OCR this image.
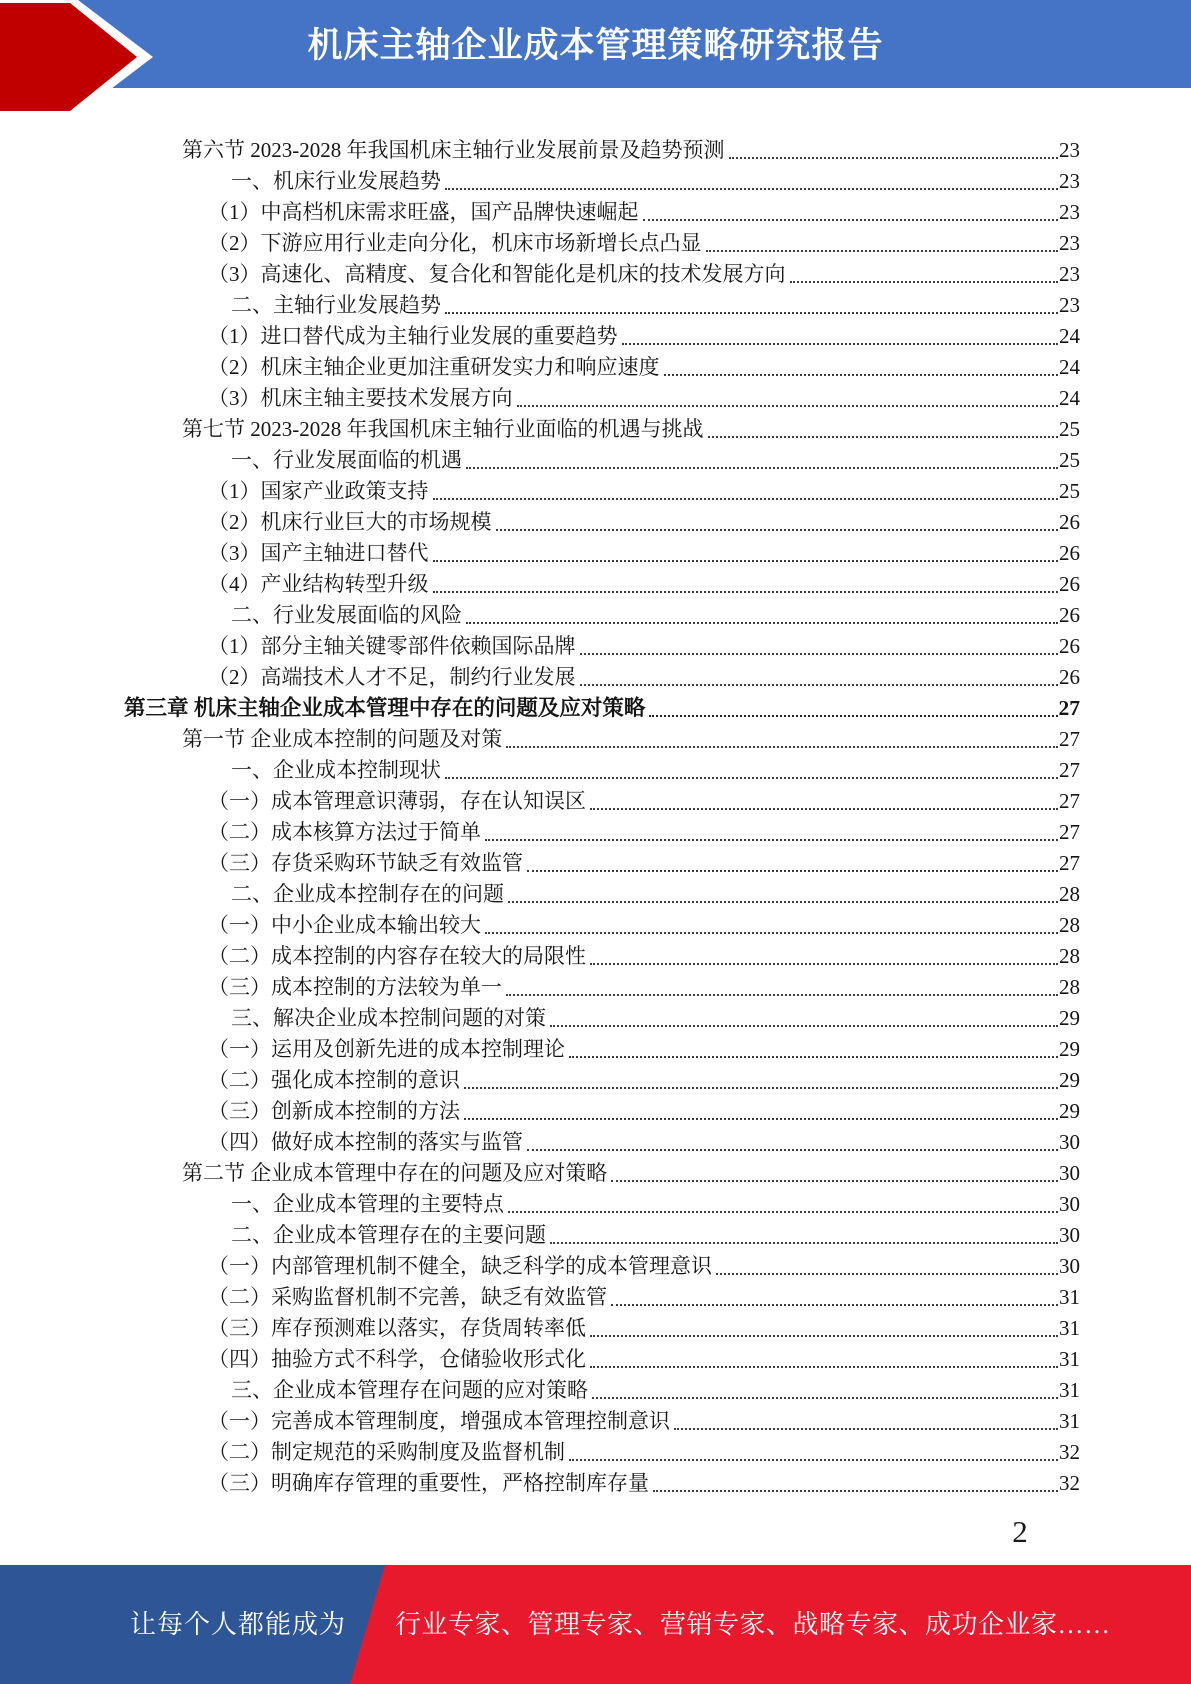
机床主轴企业成本管理策略研究报告
第六节 2023-2028 年我国机床主轴行业发展前景及趋势预测	23
一、机床行业发展趋势	23
（1）中高档机床需求旺盛，国产品牌快速崛起	23
（2）下游应用行业走向分化，机床市场新增长点凸显	23
（3）高速化、高精度、复合化和智能化是机床的技术发展方向	23
二、主轴行业发展趋势	23
（1）进口替代成为主轴行业发展的重要趋势	24
（2）机床主轴企业更加注重研发实力和响应速度	24
（3）机床主轴主要技术发展方向	24
第七节 2023-2028 年我国机床主轴行业面临的机遇与挑战	25
一、行业发展面临的机遇	25
（1）国家产业政策支持	25
（2）机床行业巨大的市场规模	26
（3）国产主轴进口替代	26
（4）产业结构转型升级	26
二、行业发展面临的风险	26
（1）部分主轴关键零部件依赖国际品牌	26
（2）高端技术人才不足，制约行业发展	26
第三章 机床主轴企业成本管理中存在的问题及应对策略	27
第一节 企业成本控制的问题及对策	27
一、企业成本控制现状	27
（一）成本管理意识薄弱，存在认知误区	27
（二）成本核算方法过于简单	27
（三）存货采购环节缺乏有效监管	27
二、企业成本控制存在的问题	28
（一）中小企业成本输出较大	28
（二）成本控制的内容存在较大的局限性	28
（三）成本控制的方法较为单一	28
三、解决企业成本控制问题的对策	29
（一）运用及创新先进的成本控制理论	29
（二）强化成本控制的意识	29
（三）创新成本控制的方法	29
（四）做好成本控制的落实与监管	30
第二节 企业成本管理中存在的问题及应对策略	30
一、企业成本管理的主要特点	30
二、企业成本管理存在的主要问题	30
（一）内部管理机制不健全，缺乏科学的成本管理意识	30
（二）采购监督机制不完善，缺乏有效监管	31
（三）库存预测难以落实，存货周转率低	31
（四）抽验方式不科学，仓储验收形式化	31
三、企业成本管理存在问题的应对策略	31
（一）完善成本管理制度，增强成本管理控制意识	31
（二）制定规范的采购制度及监督机制	32
（三）明确库存管理的重要性，严格控制库存量	32
2
让每个人都能成为 行业专家、管理专家、营销专家、战略专家、成功企业家……
